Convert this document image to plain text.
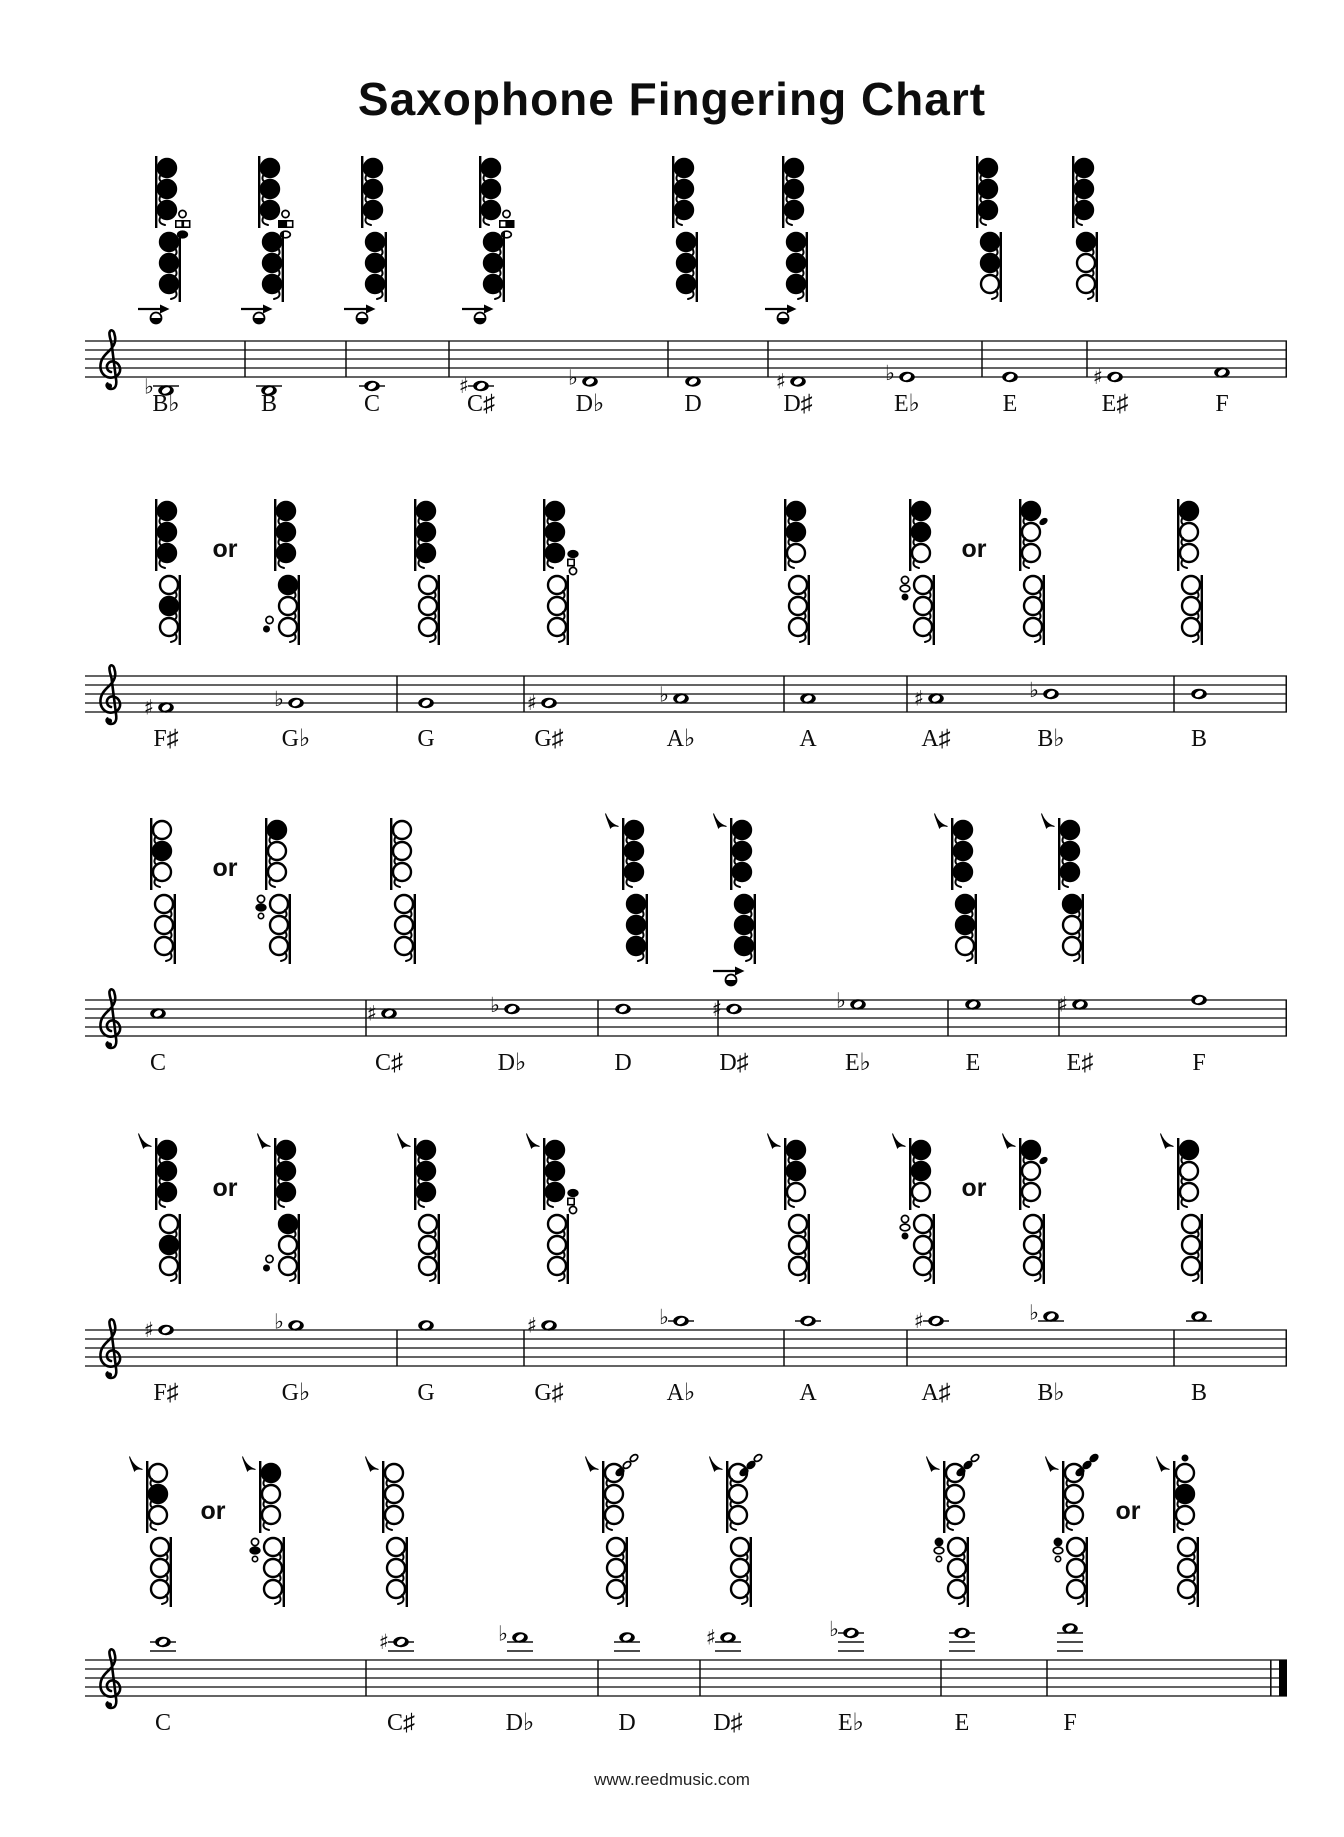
Saxophone Fingering Chart
♭
B♭	B	C
♯
C♯
♭
D♭	D
♯
D♯
♭
E♭	E
♯
E♯	F
♯
F♯
♭
G♭	G
♯
G♯
♭
A♭	A
♯
A♯
♭
B♭	B
or	or
C
♯
C♯
♭
D♭	D
♯
D♯
♭
E♭	E
♯
E♯	F
or
♯
F♯
♭
G♭	G
♯
G♯
♭
A♭	A
♯
A♯
♭
B♭	B
or	or
C
♯
C♯
♭
D♭	D
♯
D♯
♭
E♭	E	F
or	or
www.reedmusic.com
